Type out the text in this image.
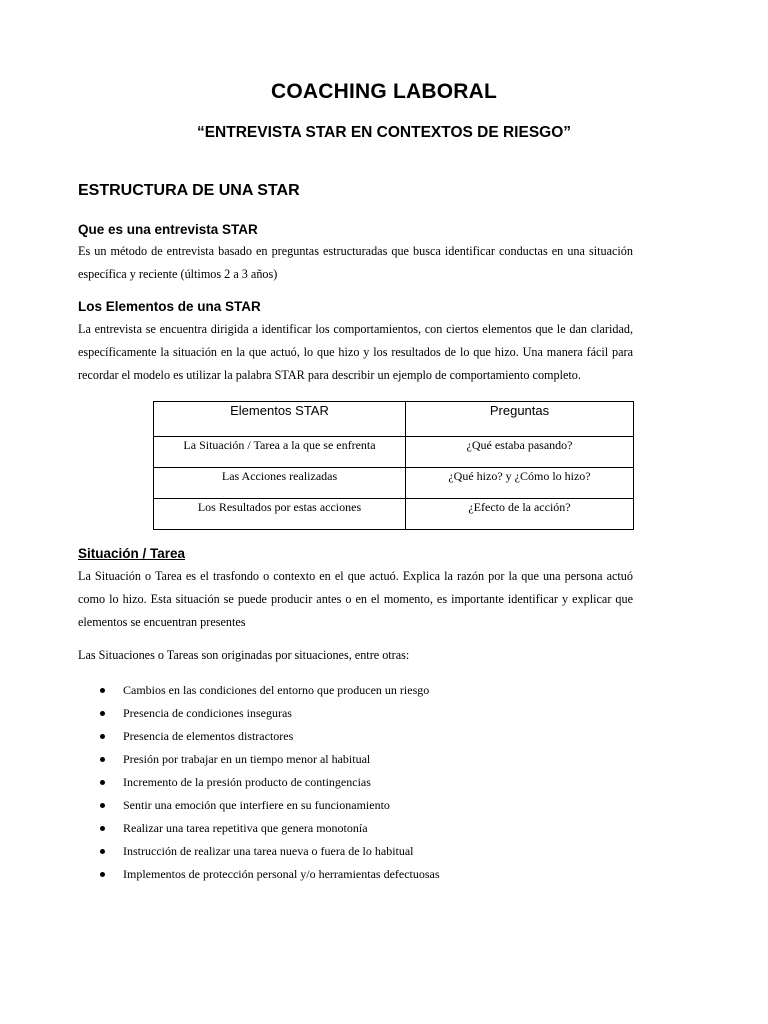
COACHING LABORAL
“ENTREVISTA STAR EN CONTEXTOS DE RIESGO”
ESTRUCTURA DE UNA STAR
Que es una entrevista STAR

Es un método de entrevista basado en preguntas estructuradas que busca identificar conductas en una situación específica y reciente (últimos 2 a 3 años)

Los Elementos de una STAR

La entrevista se encuentra dirigida a identificar los comportamientos, con ciertos elementos que le dan claridad, específicamente la situación en la que actuó, lo que hizo y los resultados de lo que hizo. Una manera fácil para recordar el modelo es utilizar la palabra STAR para describir un ejemplo de comportamiento completo.

Elementos STAR	Preguntas
La Situación / Tarea a la que se enfrenta	¿Qué estaba pasando?
Las Acciones realizadas	¿Qué hizo? y ¿Cómo lo hizo?
Los Resultados por estas acciones	¿Efecto de la acción?
Situación / Tarea

La Situación o Tarea es el trasfondo o contexto en el que actuó. Explica la razón por la que una persona actuó como lo hizo. Esta situación se puede producir antes o en el momento, es importante identificar y explicar que elementos se encuentran presentes

Las Situaciones o Tareas son originadas por situaciones, entre otras:

Cambios en las condiciones del entorno que producen un riesgo
Presencia de condiciones inseguras
Presencia de elementos distractores
Presión por trabajar en un tiempo menor al habitual
Incremento de la presión producto de contingencias
Sentir una emoción que interfiere en su funcionamiento
Realizar una tarea repetitiva que genera monotonía
Instrucción de realizar una tarea nueva o fuera de lo habitual
Implementos de protección personal y/o herramientas defectuosas
